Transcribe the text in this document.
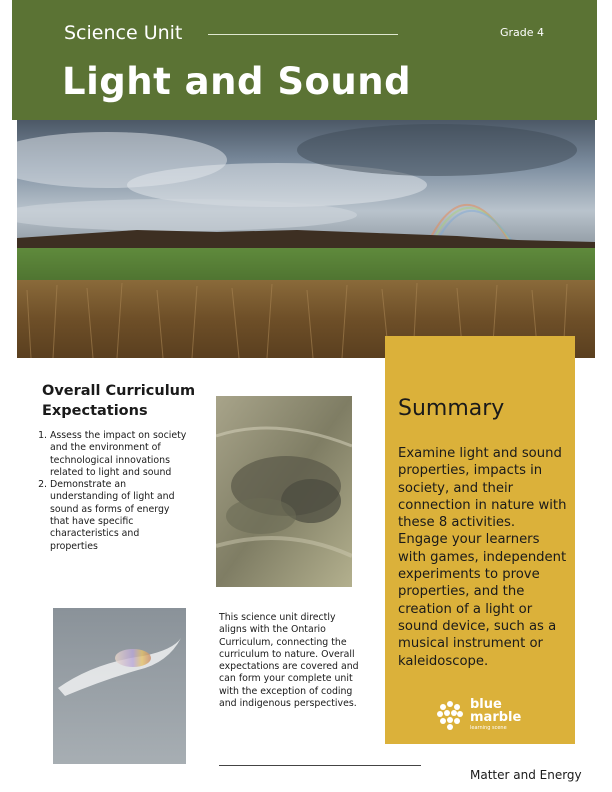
Science Unit	Grade 4
Light and Sound
Overall Curriculum Expectations
1. Assess the impact on society and the environment of technological innovations related to light and sound
2. Demonstrate an understanding of light and sound as forms of energy that have specific characteristics and properties
This science unit directly aligns with the Ontario Curriculum, connecting the curriculum to nature. Overall expectations are covered and can form your complete unit with the exception of coding and indigenous perspectives.
Matter and Energy
Summary
Examine light and sound properties, impacts in society, and their connection in nature with these 8 activities. Engage your learners with games, independent experiments to prove properties, and the creation of a light or sound device, such as a musical instrument or kaleidoscope.
blue
marble
learning scene
